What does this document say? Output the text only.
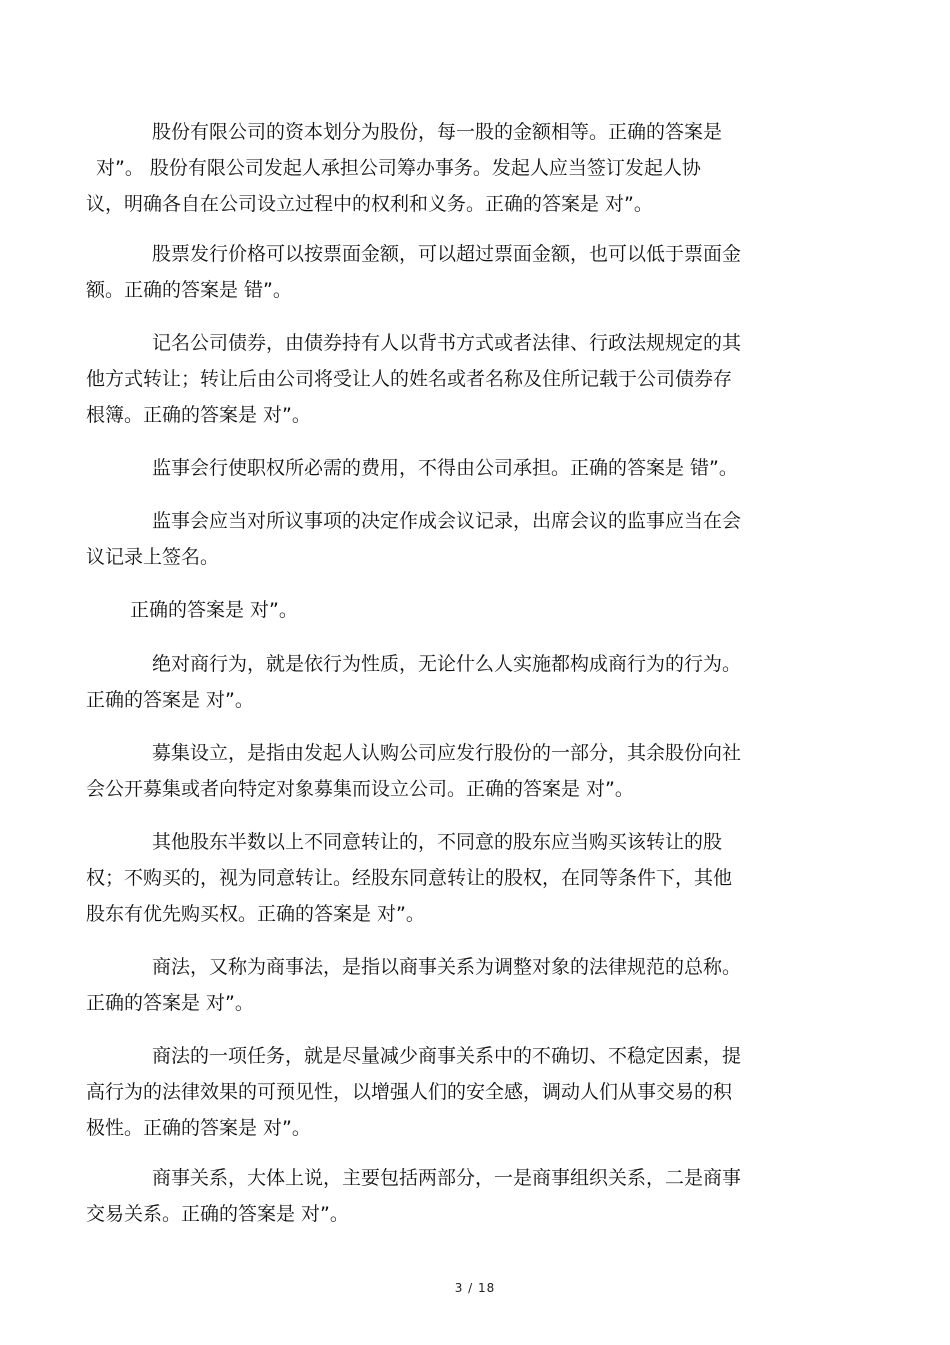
股份有限公司的资本划分为股份，每一股的金额相等。正确的答案是
对”。 股份有限公司发起人承担公司筹办事务。发起人应当签订发起人协
议，明确各自在公司设立过程中的权利和义务。正确的答案是 对”。
股票发行价格可以按票面金额，可以超过票面金额，也可以低于票面金
额。正确的答案是 错”。
记名公司债券，由债券持有人以背书方式或者法律、行政法规规定的其
他方式转让；转让后由公司将受让人的姓名或者名称及住所记载于公司债券存
根簿。正确的答案是 对”。
监事会行使职权所必需的费用，不得由公司承担。正确的答案是 错”。
监事会应当对所议事项的决定作成会议记录，出席会议的监事应当在会
议记录上签名。
正确的答案是 对”。
绝对商行为，就是依行为性质，无论什么人实施都构成商行为的行为。
正确的答案是 对”。
募集设立，是指由发起人认购公司应发行股份的一部分，其余股份向社
会公开募集或者向特定对象募集而设立公司。正确的答案是 对”。
其他股东半数以上不同意转让的，不同意的股东应当购买该转让的股
权；不购买的，视为同意转让。经股东同意转让的股权，在同等条件下，其他
股东有优先购买权。正确的答案是 对”。
商法，又称为商事法，是指以商事关系为调整对象的法律规范的总称。
正确的答案是 对”。
商法的一项任务，就是尽量减少商事关系中的不确切、不稳定因素，提
高行为的法律效果的可预见性，以增强人们的安全感，调动人们从事交易的积
极性。正确的答案是 对”。
商事关系，大体上说，主要包括两部分，一是商事组织关系，二是商事
交易关系。正确的答案是 对”。
3 / 18
